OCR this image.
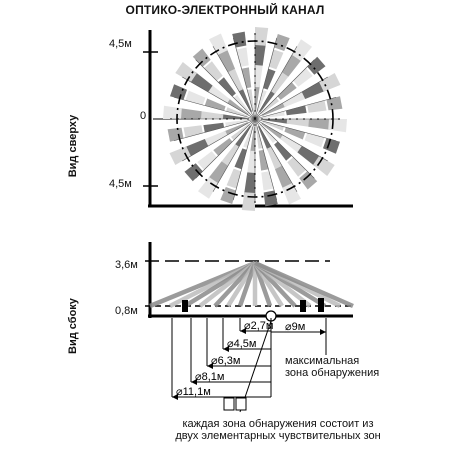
ОПТИКО-ЭЛЕКТРОННЫЙ КАНАЛ
Вид сверху
4,5м
0
4,5м
Вид сбоку
3,6м
0,8м
максимальная
зона обнаружения
каждая зона обнаружения состоит из
двух элементарных чувствительных зон
⌀2,7м
⌀4,5м
⌀6,3м
⌀8,1м
⌀11,1м
⌀9м
